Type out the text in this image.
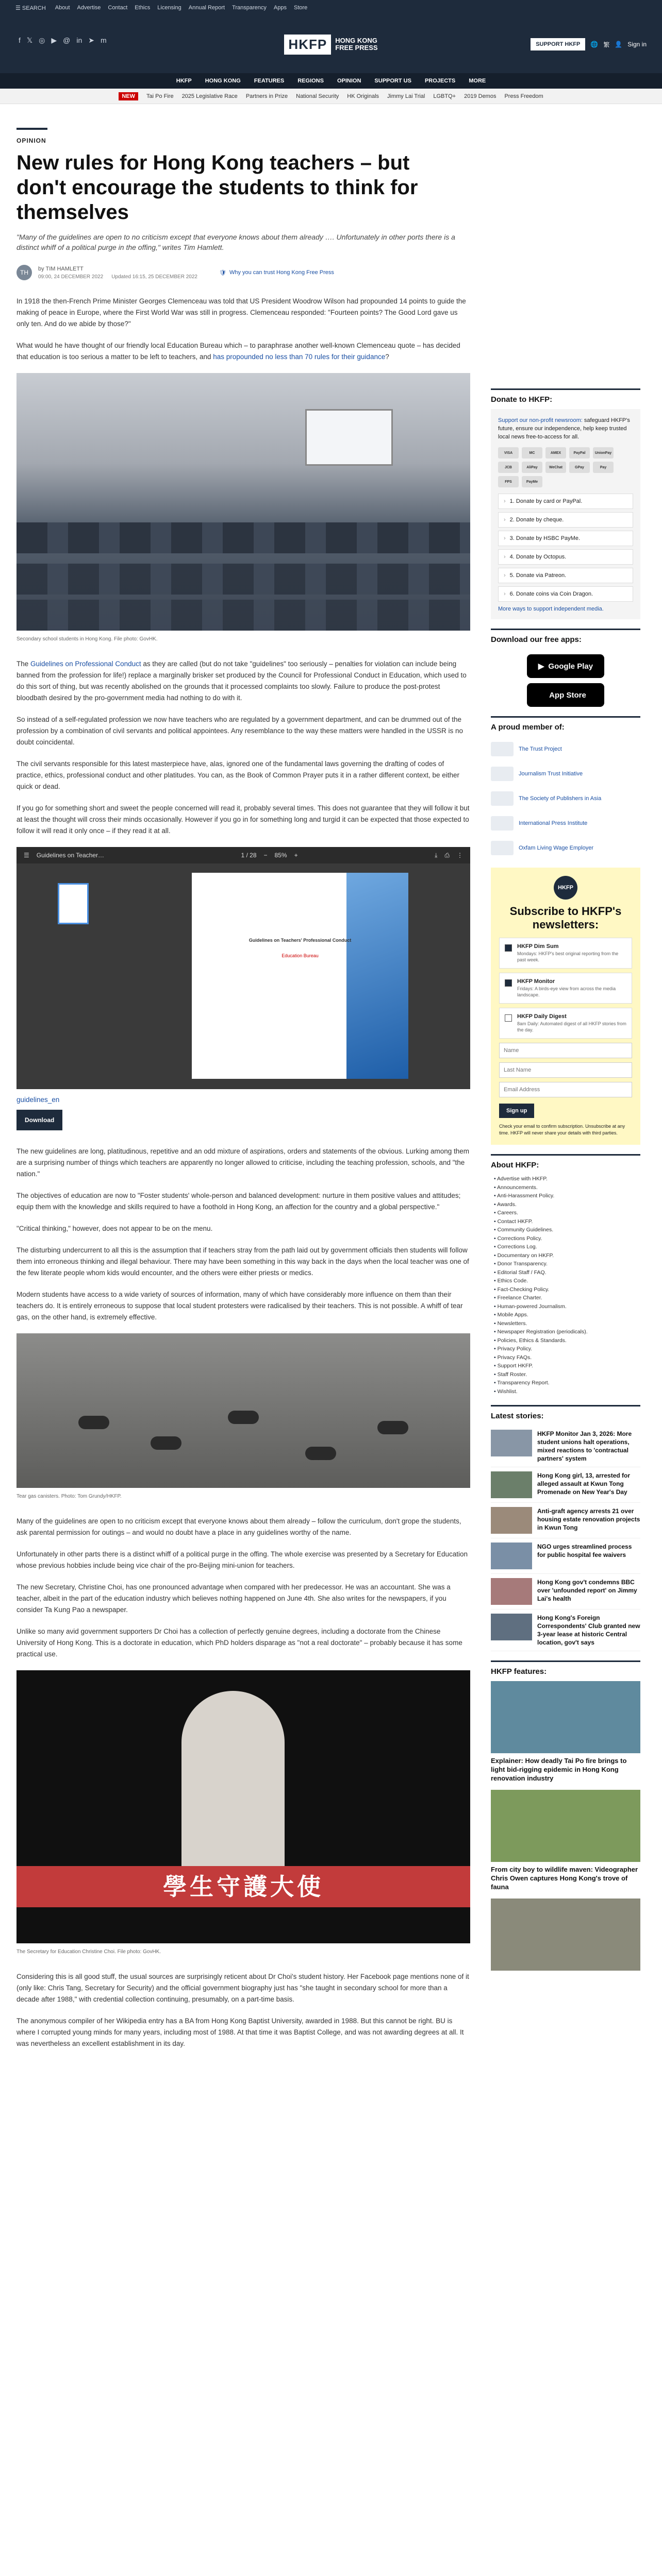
☰ SEARCH About Advertise Contact Ethics Licensing Annual Report Transparency Apps Store
f 𝕏 ◎ ▶ @ in ➤ m	HKFP	HONG KONG
FREE PRESS	SUPPORT HKFP	🌐 繁 👤 Sign in
HKFP HONG KONG FEATURES REGIONS OPINION SUPPORT US PROJECTS MORE
NEW	Tai Po Fire 2025 Legislative Race Partners in Prize National Security HK Originals Jimmy Lai Trial LGBTQ+ 2019 Demos Press Freedom
OPINION
New rules for Hong Kong teachers – but don't encourage the students to think for themselves
"Many of the guidelines are open to no criticism except that everyone knows about them already …. Unfortunately in other ports there is a distinct whiff of a political purge in the offing," writes Tim Hamlett.
TH
by TIM HAMLETT
09:00, 24 DECEMBER 2022 Updated 16:15, 25 DECEMBER 2022
🛡 Why you can trust Hong Kong Free Press

In 1918 the then-French Prime Minister Georges Clemenceau was told that US President Woodrow Wilson had propounded 14 points to guide the making of peace in Europe, where the First World War was still in progress. Clemenceau responded: "Fourteen points? The Good Lord gave us only ten. And do we abide by those?"

What would he have thought of our friendly local Education Bureau which – to paraphrase another well-known Clemenceau quote – has decided that education is too serious a matter to be left to teachers, and has propounded no less than 70 rules for their guidance?

Secondary school students in Hong Kong. File photo: GovHK.

The Guidelines on Professional Conduct as they are called (but do not take "guidelines" too seriously – penalties for violation can include being banned from the profession for life!) replace a marginally brisker set produced by the Council for Professional Conduct in Education, which used to do this sort of thing, but was recently abolished on the grounds that it processed complaints too slowly. Failure to produce the post-protest bloodbath desired by the pro-government media had nothing to do with it.

So instead of a self-regulated profession we now have teachers who are regulated by a government department, and can be drummed out of the profession by a combination of civil servants and political appointees. Any resemblance to the way these matters were handled in the USSR is no doubt coincidental.

The civil servants responsible for this latest masterpiece have, alas, ignored one of the fundamental laws governing the drafting of codes of practice, ethics, professional conduct and other platitudes. You can, as the Book of Common Prayer puts it in a rather different context, be either quick or dead.

If you go for something short and sweet the people concerned will read it, probably several times. This does not guarantee that they will follow it but at least the thought will cross their minds occasionally. However if you go in for something long and turgid it can be expected that those expected to follow it will read it only once – if they read it at all.

☰ Guidelines on Teacher…	1 / 28 − 85% +	⤓ ⎙ ⋮
Guidelines on Teachers' Professional Conduct
Education Bureau
guidelines_en
Download

The new guidelines are long, platitudinous, repetitive and an odd mixture of aspirations, orders and statements of the obvious. Lurking among them are a surprising number of things which teachers are apparently no longer allowed to criticise, including the teaching profession, schools, and "the nation."

The objectives of education are now to "Foster students' whole-person and balanced development: nurture in them positive values and attitudes; equip them with the knowledge and skills required to have a foothold in Hong Kong, an affection for the country and a global perspective."

"Critical thinking," however, does not appear to be on the menu.

The disturbing undercurrent to all this is the assumption that if teachers stray from the path laid out by government officials then students will follow them into erroneous thinking and illegal behaviour. There may have been something in this way back in the days when the local teacher was one of the few literate people whom kids would encounter, and the others were either priests or medics.

Modern students have access to a wide variety of sources of information, many of which have considerably more influence on them than their teachers do. It is entirely erroneous to suppose that local student protesters were radicalised by their teachers. This is not possible. A whiff of tear gas, on the other hand, is extremely effective.

Tear gas canisters. Photo: Tom Grundy/HKFP.

Many of the guidelines are open to no criticism except that everyone knows about them already – follow the curriculum, don't grope the students, ask parental permission for outings – and would no doubt have a place in any guidelines worthy of the name.

Unfortunately in other parts there is a distinct whiff of a political purge in the offing. The whole exercise was presented by a Secretary for Education whose previous hobbies include being vice chair of the pro-Beijing mini-union for teachers.

The new Secretary, Christine Choi, has one pronounced advantage when compared with her predecessor. He was an accountant. She was a teacher, albeit in the part of the education industry which believes nothing happened on June 4th. She also writes for the newspapers, if you consider Ta Kung Pao a newspaper.

Unlike so many avid government supporters Dr Choi has a collection of perfectly genuine degrees, including a doctorate from the Chinese University of Hong Kong. This is a doctorate in education, which PhD holders disparage as "not a real doctorate" – probably because it has some practical use.

學生守護大使
The Secretary for Education Christine Choi. File photo: GovHK.

Considering this is all good stuff, the usual sources are surprisingly reticent about Dr Choi's student history. Her Facebook page mentions none of it (only like: Chris Tang, Secretary for Security) and the official government biography just has "she taught in secondary school for more than a decade after 1988," with credential collection continuing, presumably, on a part-time basis.

The anonymous compiler of her Wikipedia entry has a BA from Hong Kong Baptist University, awarded in 1988. But this cannot be right. BU is where I corrupted young minds for many years, including most of 1988. At that time it was Baptist College, and was not awarding degrees at all. It was nevertheless an excellent establishment in its day.

Donate to HKFP:

Support our non-profit newsroom: safeguard HKFP's future, ensure our independence, help keep trusted local news free-to-access for all.

VISA	MC	AMEX	PayPal	UnionPay
JCB	AliPay	WeChat	GPay	Pay
FPS	PayMe
› 1. Donate by card or PayPal.
› 2. Donate by cheque.
› 3. Donate by HSBC PayMe.
› 4. Donate by Octopus.
› 5. Donate via Patreon.
› 6. Donate coins via Coin Dragon.
More ways to support independent media.
Download our free apps:
▶ Google Play
App Store
A proud member of:
The Trust Project
Journalism Trust Initiative
The Society of Publishers in Asia
International Press Institute
Oxfam Living Wage Employer
HKFP
Subscribe to HKFP's newsletters:
HKFP Dim Sum
Mondays: HKFP's best original reporting from the past week.
HKFP Monitor
Fridays: A birds-eye view from across the media landscape.
HKFP Daily Digest
8am Daily: Automated digest of all HKFP stories from the day.
Name Last Name Email Address
Sign up
Check your email to confirm subscription. Unsubscribe at any time. HKFP will never share your details with third parties.
About HKFP:
• Advertise with HKFP.
• Announcements.
• Anti-Harassment Policy.
• Awards.
• Careers.
• Contact HKFP.
• Community Guidelines.
• Corrections Policy.
• Corrections Log.
• Documentary on HKFP.
• Donor Transparency.
• Editorial Staff / FAQ.
• Ethics Code.
• Fact-Checking Policy.
• Freelance Charter.
• Human-powered Journalism.
• Mobile Apps.
• Newsletters.
• Newspaper Registration (periodicals).
• Policies, Ethics & Standards.
• Privacy Policy.
• Privacy FAQs.
• Support HKFP.
• Staff Roster.
• Transparency Report.
• Wishlist.
Latest stories:
HKFP Monitor Jan 3, 2026: More student unions halt operations, mixed reactions to 'contractual partners' system
Hong Kong girl, 13, arrested for alleged assault at Kwun Tong Promenade on New Year's Day
Anti-graft agency arrests 21 over housing estate renovation projects in Kwun Tong
NGO urges streamlined process for public hospital fee waivers
Hong Kong gov't condemns BBC over 'unfounded report' on Jimmy Lai's health
Hong Kong's Foreign Correspondents' Club granted new 3-year lease at historic Central location, gov't says
HKFP features:
Explainer: How deadly Tai Po fire brings to light bid-rigging epidemic in Hong Kong renovation industry
From city boy to wildlife maven: Videographer Chris Owen captures Hong Kong's trove of fauna
